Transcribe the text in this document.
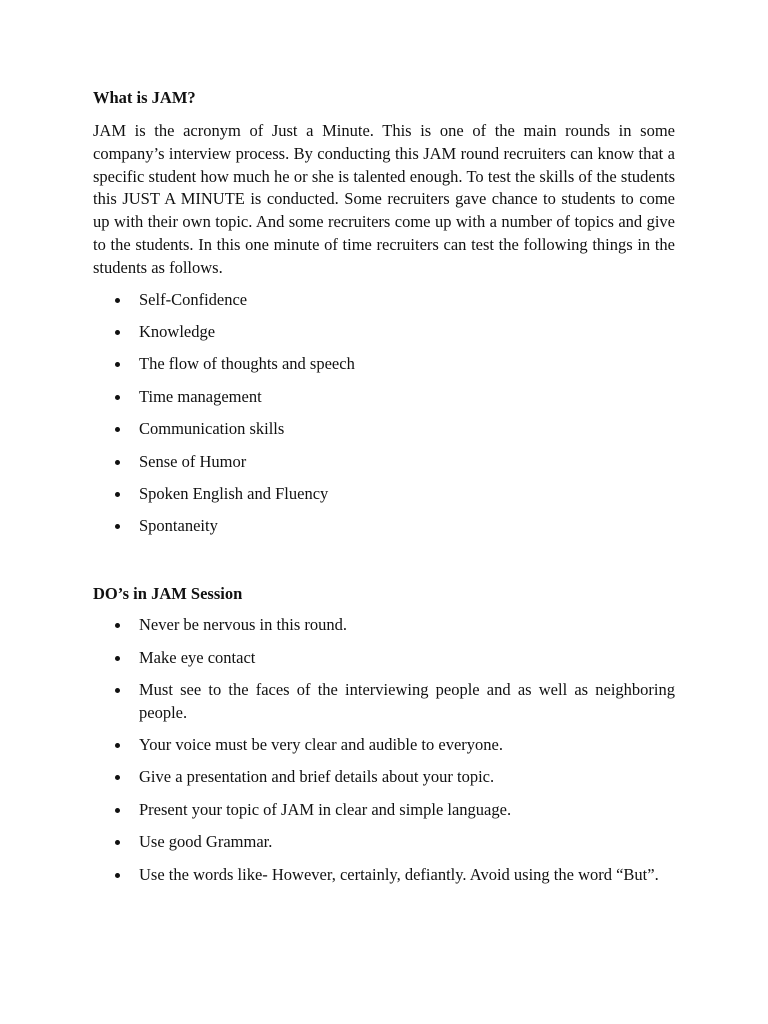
What is JAM?

JAM is the acronym of Just a Minute. This is one of the main rounds in some company’s interview process. By conducting this JAM round recruiters can know that a specific student how much he or she is talented enough. To test the skills of the students this JUST A MINUTE is conducted. Some recruiters gave chance to students to come up with their own topic. And some recruiters come up with a number of topics and give to the students. In this one minute of time recruiters can test the following things in the students as follows.

Self-Confidence
Knowledge
The flow of thoughts and speech
Time management
Communication skills
Sense of Humor
Spoken English and Fluency
Spontaneity
DO’s in JAM Session
Never be nervous in this round.
Make eye contact
Must see to the faces of the interviewing people and as well as neighboring people.
Your voice must be very clear and audible to everyone.
Give a presentation and brief details about your topic.
Present your topic of JAM in clear and simple language.
Use good Grammar.
Use the words like- However, certainly, defiantly. Avoid using the word “But”.
